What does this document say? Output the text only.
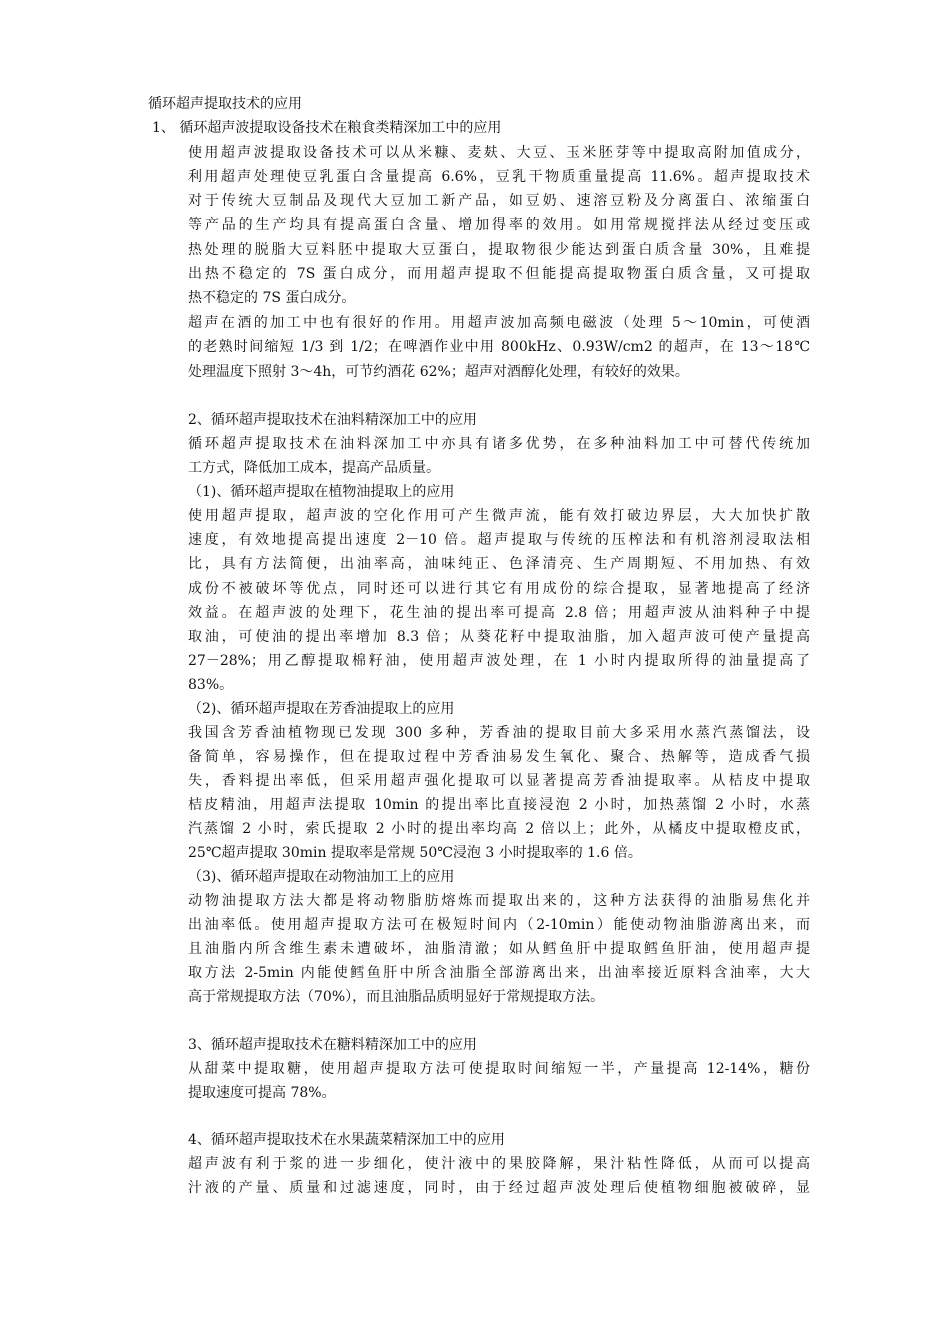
循环超声提取技术的应用
1、 循环超声波提取设备技术在粮食类精深加工中的应用
使用超声波提取设备技术可以从米糠、麦麸、大豆、玉米胚芽等中提取高附加值成分，
利用超声处理使豆乳蛋白含量提高 6.6%，豆乳干物质重量提高 11.6%。超声提取技术
对于传统大豆制品及现代大豆加工新产品，如豆奶、速溶豆粉及分离蛋白、浓缩蛋白
等产品的生产均具有提高蛋白含量、增加得率的效用。如用常规搅拌法从经过变压或
热处理的脱脂大豆料胚中提取大豆蛋白，提取物很少能达到蛋白质含量 30%，且难提
出热不稳定的 7S 蛋白成分，而用超声提取不但能提高提取物蛋白质含量，又可提取
热不稳定的 7S 蛋白成分。
超声在酒的加工中也有很好的作用。用超声波加高频电磁波（处理 5～10min，可使酒
的老熟时间缩短 1/3 到 1/2；在啤酒作业中用 800kHz、0.93W/cm2 的超声，在 13～18℃
处理温度下照射 3～4h，可节约酒花 62%；超声对酒醇化处理，有较好的效果。
2、循环超声提取技术在油料精深加工中的应用
循环超声提取技术在油料深加工中亦具有诸多优势，在多种油料加工中可替代传统加
工方式，降低加工成本，提高产品质量。
（1)、循环超声提取在植物油提取上的应用
使用超声提取，超声波的空化作用可产生微声流，能有效打破边界层，大大加快扩散
速度，有效地提高提出速度 2－10 倍。超声提取与传统的压榨法和有机溶剂浸取法相
比，具有方法简便，出油率高，油味纯正、色泽清亮、生产周期短、不用加热、有效
成份不被破坏等优点，同时还可以进行其它有用成份的综合提取，显著地提高了经济
效益。在超声波的处理下，花生油的提出率可提高 2.8 倍；用超声波从油料种子中提
取油，可使油的提出率增加 8.3 倍；从葵花籽中提取油脂，加入超声波可使产量提高
27－28%；用乙醇提取棉籽油，使用超声波处理，在 1 小时内提取所得的油量提高了
83%。
（2)、循环超声提取在芳香油提取上的应用
我国含芳香油植物现已发现 300 多种，芳香油的提取目前大多采用水蒸汽蒸馏法，设
备简单，容易操作，但在提取过程中芳香油易发生氧化、聚合、热解等，造成香气损
失，香料提出率低，但采用超声强化提取可以显著提高芳香油提取率。从桔皮中提取
桔皮精油，用超声法提取 10min 的提出率比直接浸泡 2 小时，加热蒸馏 2 小时，水蒸
汽蒸馏 2 小时，索氏提取 2 小时的提出率均高 2 倍以上；此外，从橘皮中提取橙皮甙，
25℃超声提取 30min 提取率是常规 50℃浸泡 3 小时提取率的 1.6 倍。
（3)、循环超声提取在动物油加工上的应用
动物油提取方法大都是将动物脂肪熔炼而提取出来的，这种方法获得的油脂易焦化并
出油率低。使用超声提取方法可在极短时间内（2-10min）能使动物油脂游离出来，而
且油脂内所含维生素未遭破坏，油脂清澈；如从鳕鱼肝中提取鳕鱼肝油，使用超声提
取方法 2-5min 内能使鳕鱼肝中所含油脂全部游离出来，出油率接近原料含油率，大大
高于常规提取方法（70%），而且油脂品质明显好于常规提取方法。
3、循环超声提取技术在糖料精深加工中的应用
从甜菜中提取糖，使用超声提取方法可使提取时间缩短一半，产量提高 12-14%，糖份
提取速度可提高 78%。
4、循环超声提取技术在水果蔬菜精深加工中的应用
超声波有利于浆的进一步细化，使汁液中的果胶降解，果汁粘性降低，从而可以提高
汁液的产量、质量和过滤速度，同时，由于经过超声波处理后使植物细胞被破碎，显
